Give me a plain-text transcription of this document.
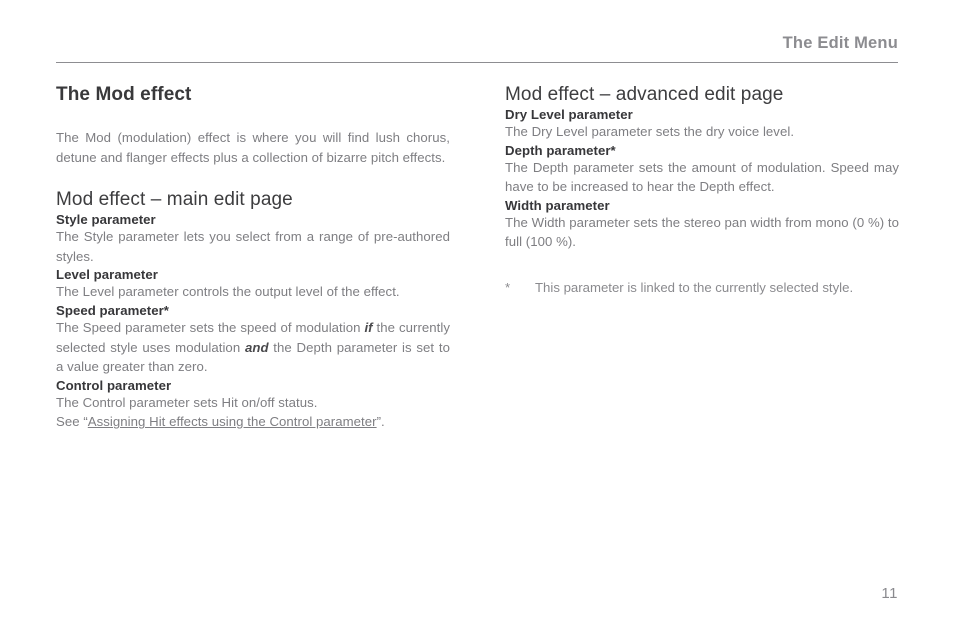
The Edit Menu
The Mod effect

The Mod (modulation) effect is where you will find lush chorus, detune and flanger effects plus a collection of bizarre pitch effects.

Mod effect – main edit page
Style parameter

The Style parameter lets you select from a range of pre-authored styles.

Level parameter

The Level parameter controls the output level of the effect.

Speed parameter*

The Speed parameter sets the speed of modulation if the currently selected style uses modulation and the Depth parameter is set to a value greater than zero.

Control parameter

The Control parameter sets Hit on/off status.

See “Assigning Hit effects using the Control parameter”.

Mod effect – advanced edit page
Dry Level parameter

The Dry Level parameter sets the dry voice level.

Depth parameter*

The Depth parameter sets the amount of modulation. Speed may have to be increased to hear the Depth effect.

Width parameter

The Width parameter sets the stereo pan width from mono (0 %) to full (100 %).

*	This parameter is linked to the currently selected style.
11
